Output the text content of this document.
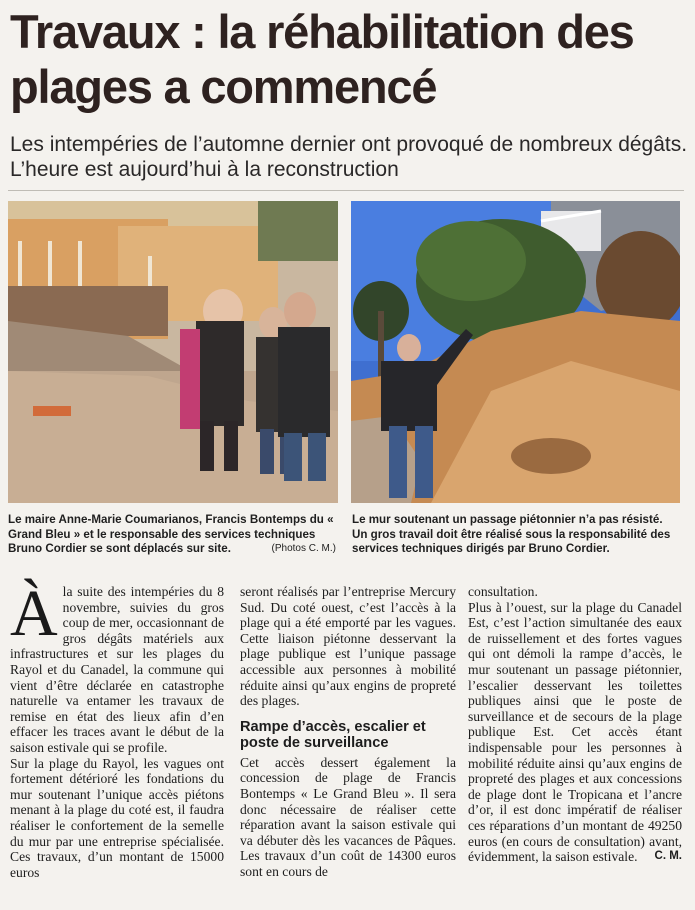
Travaux : la réhabilitation des plages a commencé
Les intempéries de l’automne dernier ont provoqué de nombreux dégâts. L’heure est aujourd’hui à la reconstruction
Le maire Anne-Marie Coumarianos, Francis Bontemps du « Grand Bleu » et le responsable des services techniques Bruno Cordier se sont déplacés sur site.	(Photos C. M.)
Le mur soutenant un passage piétonnier n’a pas résisté. Un gros travail doit être réalisé sous la responsabilité des services techniques dirigés par Bruno Cordier.

Àla suite des intempéries du 8 novembre, suivies du gros coup de mer, occasionnant de gros dégâts matériels aux infrastructures et sur les plages du Rayol et du Canadel, la commune qui vient d’être déclarée en catastrophe naturelle va entamer les travaux de remise en état des lieux afin d’en effacer les traces avant le début de la saison estivale qui se profile.

Sur la plage du Rayol, les vagues ont fortement détérioré les fondations du mur soutenant l’unique accès piétons menant à la plage du coté est, il faudra réaliser le confortement de la semelle du mur par une entreprise spécialisée. Ces travaux, d’un montant de 15000 euros

seront réalisés par l’entreprise Mercury Sud. Du coté ouest, c’est l’accès à la plage qui a été emporté par les vagues. Cette liaison piétonne desservant la plage publique est l’unique passage accessible aux personnes à mobilité réduite ainsi qu’aux engins de propreté des plages.

Rampe d’accès, escalier et poste de surveillance

Cet accès dessert également la concession de plage de Francis Bontemps « Le Grand Bleu ». Il sera donc nécessaire de réaliser cette réparation avant la saison estivale qui va débuter dès les vacances de Pâques. Les travaux d’un coût de 14300 euros sont en cours de

consultation.

Plus à l’ouest, sur la plage du Canadel Est, c’est l’action simultanée des eaux de ruissellement et des fortes vagues qui ont démoli la rampe d’accès, le mur soutenant un passage piétonnier, l’escalier desservant les toilettes publiques ainsi que le poste de surveillance et de secours de la plage publique Est. Cet accès étant indispensable pour les personnes à mobilité réduite ainsi qu’aux engins de propreté des plages et aux concessions de plage dont le Tropicana et l’ancre d’or, il est donc impératif de réaliser ces réparations d’un montant de 49250 euros (en cours de consultation) avant, évidemment, la saison estivale. C. M.
